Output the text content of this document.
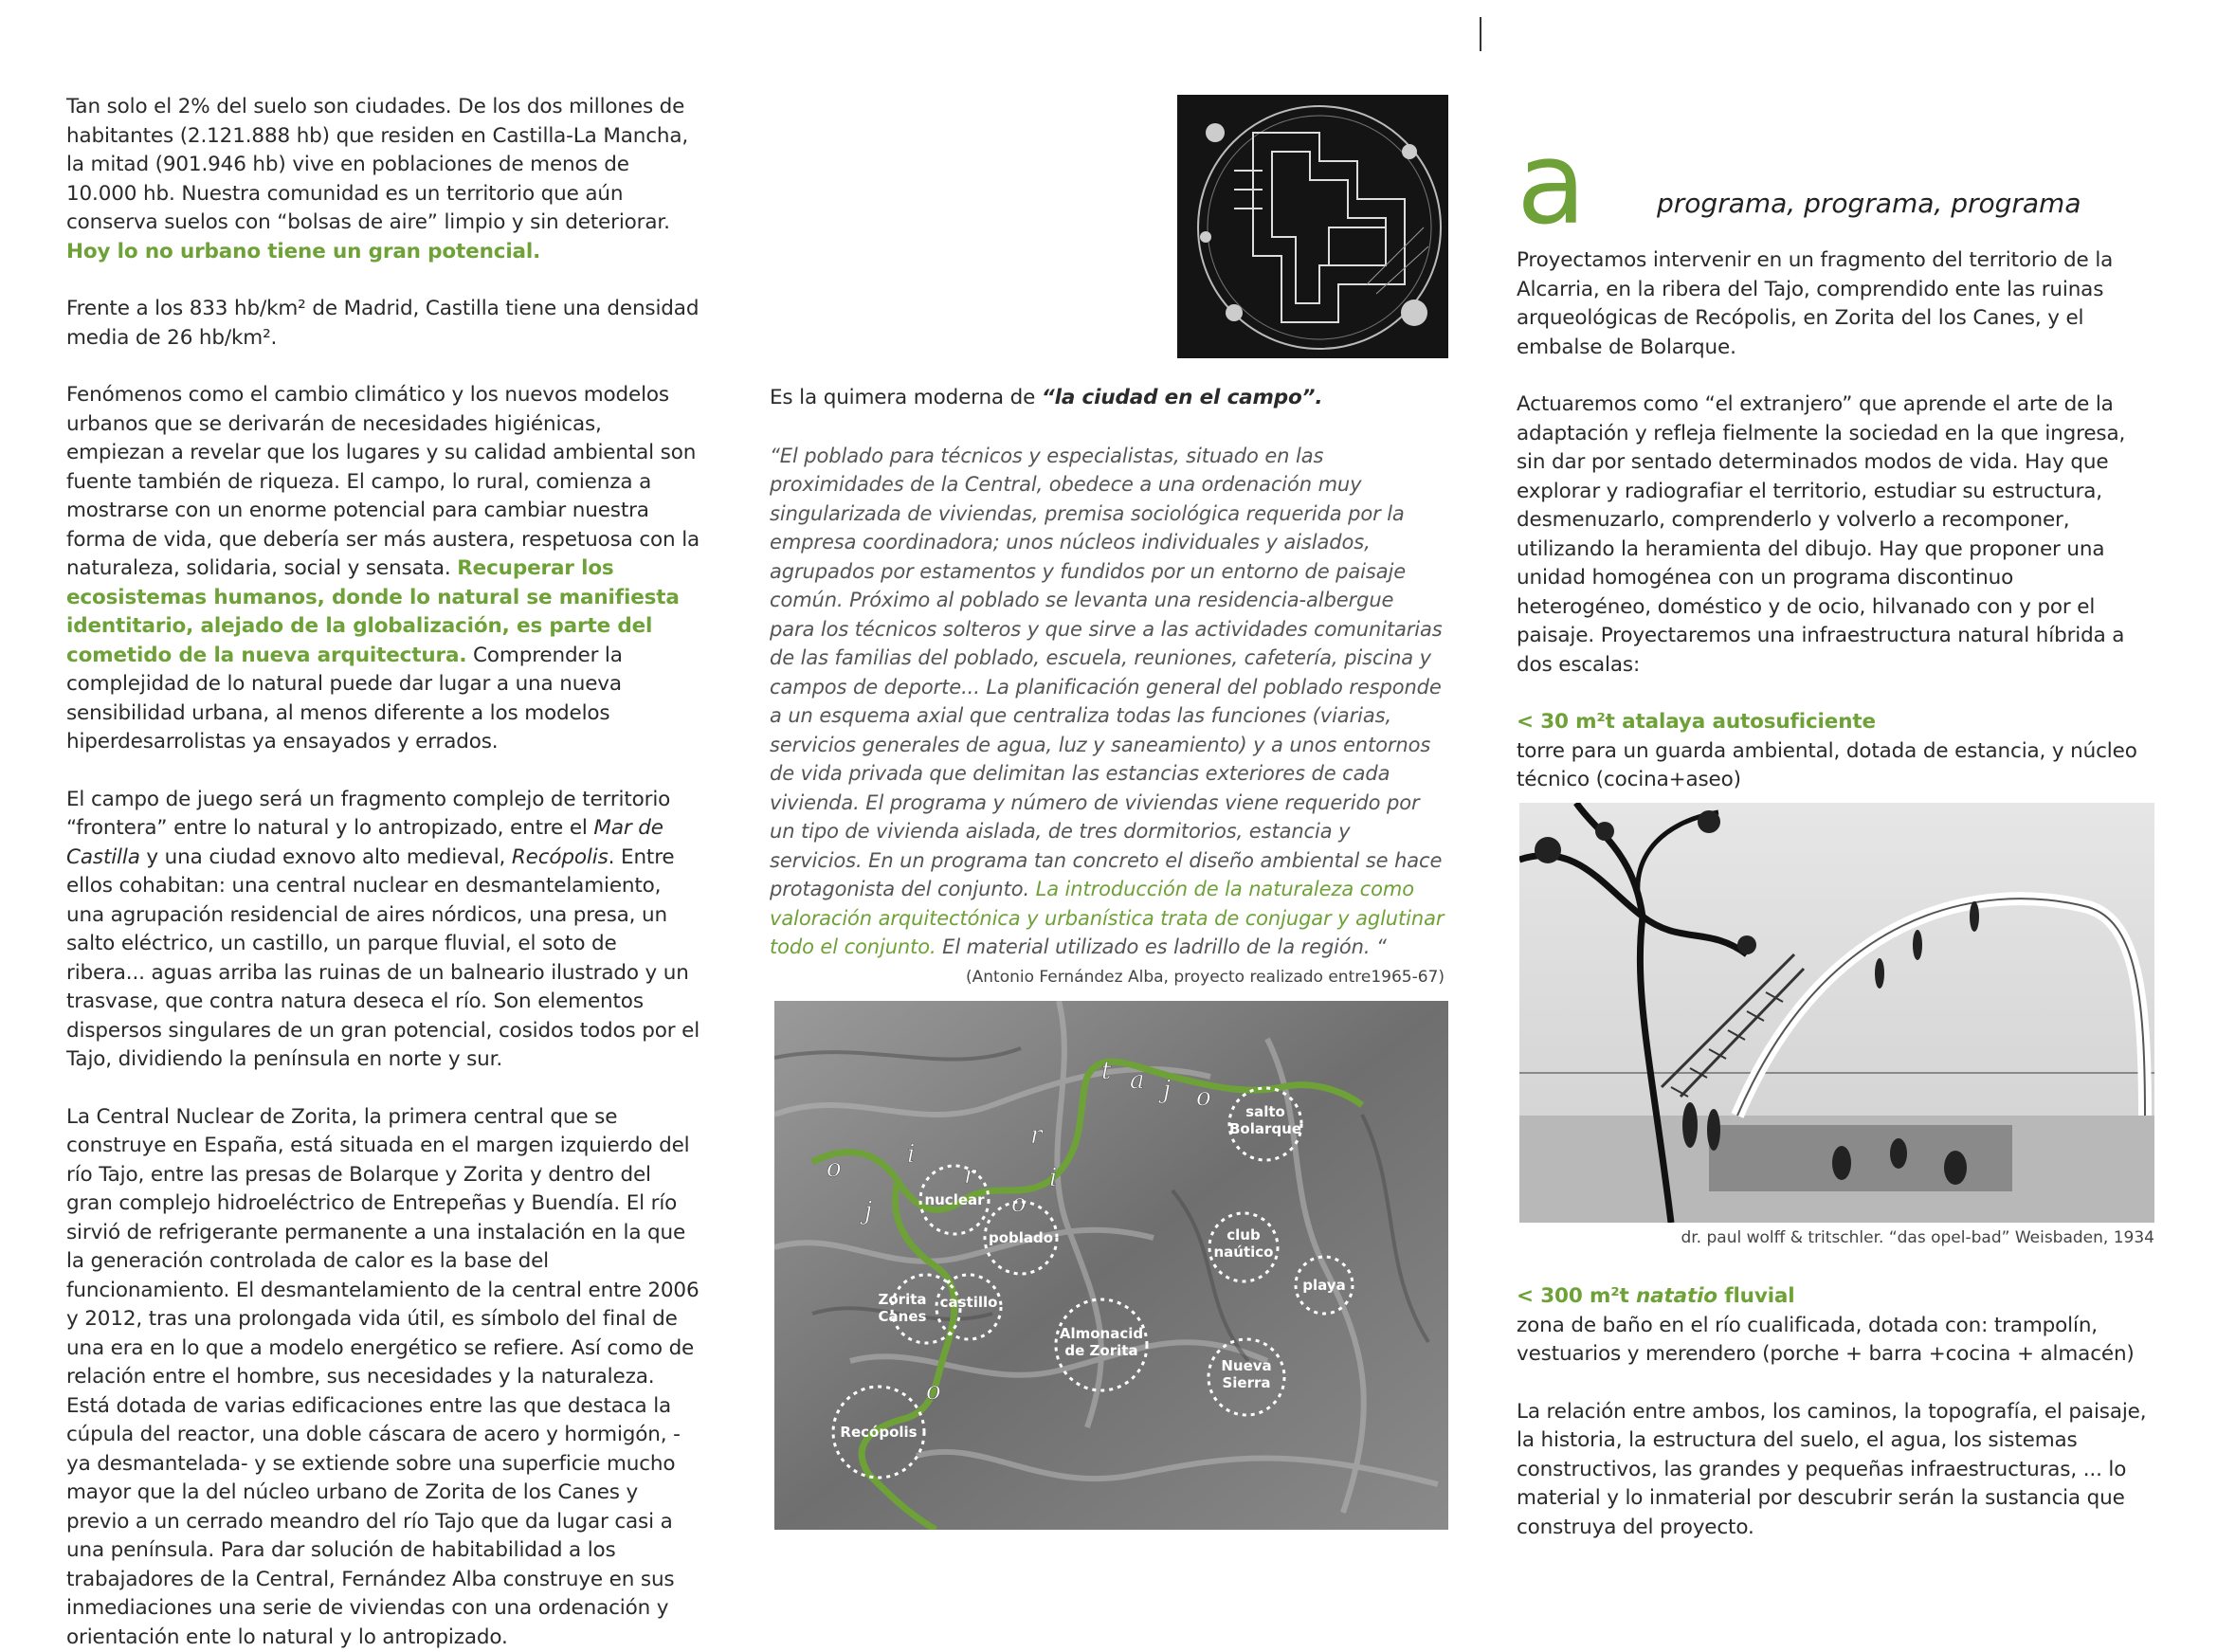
Tan solo el 2% del suelo son ciudades. De los dos millones de habitantes (2.121.888 hb) que residen en Castilla-La Mancha, la mitad (901.946 hb) vive en poblaciones de menos de 10.000 hb. Nuestra comunidad es un territorio que aún conserva suelos con “bolsas de aire” limpio y sin deteriorar. Hoy lo no urbano tiene un gran potencial.

Frente a los 833 hb/km² de Madrid, Castilla tiene una densidad media de 26 hb/km².

Fenómenos como el cambio climático y los nuevos modelos urbanos que se derivarán de necesidades higiénicas, empiezan a revelar que los lugares y su calidad ambiental son fuente también de riqueza. El campo, lo rural, comienza a mostrarse con un enorme potencial para cambiar nuestra forma de vida, que debería ser más austera, respetuosa con la naturaleza, solidaria, social y sensata. Recuperar los ecosistemas humanos, donde lo natural se manifiesta identitario, alejado de la globalización, es parte del cometido de la nueva arquitectura. Comprender la complejidad de lo natural puede dar lugar a una nueva sensibilidad urbana, al menos diferente a los modelos hiperdesarrolistas ya ensayados y errados.

El campo de juego será un fragmento complejo de territorio “frontera” entre lo natural y lo antropizado, entre el Mar de Castilla y una ciudad exnovo alto medieval, Recópolis. Entre ellos cohabitan: una central nuclear en desmantelamiento, una agrupación residencial de aires nórdicos, una presa, un salto eléctrico, un castillo, un parque fluvial, el soto de ribera... aguas arriba las ruinas de un balneario ilustrado y un trasvase, que contra natura deseca el río. Son elementos dispersos singulares de un gran potencial, cosidos todos por el Tajo, dividiendo la península en norte y sur.

La Central Nuclear de Zorita, la primera central que se construye en España, está situada en el margen izquierdo del río Tajo, entre las presas de Bolarque y Zorita y dentro del gran complejo hidroeléctrico de Entrepeñas y Buendía. El río sirvió de refrigerante permanente a una instalación en la que la generación controlada de calor es la base del funcionamiento. El desmantelamiento de la central entre 2006 y 2012, tras una prolongada vida útil, es símbolo del final de una era en lo que a modelo energético se refiere. Así como de relación entre el hombre, sus necesidades y la naturaleza. Está dotada de varias edificaciones entre las que destaca la cúpula del reactor, una doble cáscara de acero y hormigón, -ya desmantelada- y se extiende sobre una superficie mucho mayor que la del núcleo urbano de Zorita de los Canes y previo a un cerrado meandro del río Tajo que da lugar casi a una península. Para dar solución de habitabilidad a los trabajadores de la Central, Fernández Alba construye en sus inmediaciones una serie de viviendas con una ordenación y orientación ente lo natural y lo antropizado.

Es la quimera moderna de “la ciudad en el campo”.

“El poblado para técnicos y especialistas, situado en las proximidades de la Central, obedece a una ordenación muy singularizada de viviendas, premisa sociológica requerida por la empresa coordinadora; unos núcleos individuales y aislados, agrupados por estamentos y fundidos por un entorno de paisaje común. Próximo al poblado se levanta una residencia-albergue para los técnicos solteros y que sirve a las actividades comunitarias de las familias del poblado, escuela, reuniones, cafetería, piscina y campos de deporte... La planificación general del poblado responde a un esquema axial que centraliza todas las funciones (viarias, servicios generales de agua, luz y saneamiento) y a unos entornos de vida privada que delimitan las estancias exteriores de cada vivienda. El programa y número de viviendas viene requerido por un tipo de vivienda aislada, de tres dormitorios, estancia y servicios. En un programa tan concreto el diseño ambiental se hace protagonista del conjunto. La introducción de la naturaleza como valoración arquitectónica y urbanística trata de conjugar y aglutinar todo el conjunto. El material utilizado es ladrillo de la región. “

(Antonio Fernández Alba, proyecto realizado entre1965-67)

t a j o
r
i
o
r
i
o
j
o
salto
Bolarque
nuclear
poblado	club
naútico
playa
Zorita
Canes
castillo
Almonacid
de Zorita
Nueva
Sierra
Recópolis
a	programa, programa, programa

Proyectamos intervenir en un fragmento del territorio de la Alcarria, en la ribera del Tajo, comprendido ente las ruinas arqueológicas de Recópolis, en Zorita del los Canes, y el embalse de Bolarque.

Actuaremos como “el extranjero” que aprende el arte de la adaptación y refleja fielmente la sociedad en la que ingresa, sin dar por sentado determinados modos de vida. Hay que explorar y radiografiar el territorio, estudiar su estructura, desmenuzarlo, comprenderlo y volverlo a recomponer, utilizando la heramienta del dibujo. Hay que proponer una unidad homogénea con un programa discontinuo heterogéneo, doméstico y de ocio, hilvanado con y por el paisaje. Proyectaremos una infraestructura natural híbrida a dos escalas:

< 30 m²t atalaya autosuficiente

torre para un guarda ambiental, dotada de estancia, y núcleo técnico (cocina+aseo)

dr. paul wolff & tritschler. “das opel-bad” Weisbaden, 1934

< 300 m²t natatio fluvial

zona de baño en el río cualificada, dotada con: trampolín, vestuarios y merendero (porche + barra +cocina + almacén)

La relación entre ambos, los caminos, la topografía, el paisaje, la historia, la estructura del suelo, el agua, los sistemas constructivos, las grandes y pequeñas infraestructuras, ... lo material y lo inmaterial por descubrir serán la sustancia que construya del proyecto.
